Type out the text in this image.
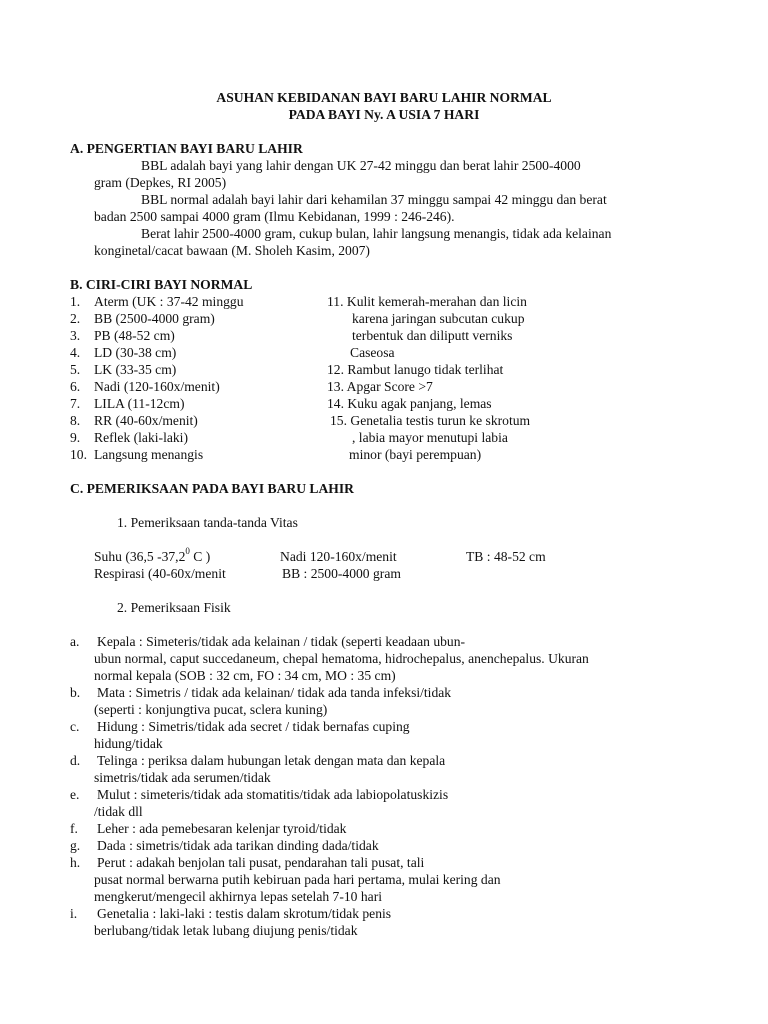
ASUHAN KEBIDANAN BAYI BARU LAHIR NORMAL
PADA BAYI Ny. A USIA 7 HARI
A. PENGERTIAN BAYI BARU LAHIR
BBL adalah bayi yang lahir dengan UK 27-42 minggu dan berat lahir 2500-4000
gram (Depkes, RI 2005)
BBL normal adalah bayi lahir dari kehamilan 37 minggu sampai 42 minggu dan berat
badan 2500 sampai 4000 gram (Ilmu Kebidanan, 1999 : 246-246).
Berat lahir 2500-4000 gram, cukup bulan, lahir langsung menangis, tidak ada kelainan
konginetal/cacat bawaan (M. Sholeh Kasim, 2007)
B. CIRI-CIRI BAYI NORMAL
1. Aterm (UK : 37-42 minggu
2. BB (2500-4000 gram)
3. PB (48-52 cm)
4. LD (30-38 cm)
5. LK (33-35 cm)
6. Nadi (120-160x/menit)
7. LILA (11-12cm)
8. RR (40-60x/menit)
9. Reflek (laki-laki)
10. Langsung menangis
11. Kulit kemerah-merahan dan licin
karena jaringan subcutan cukup
terbentuk dan diliputt verniks
Caseosa
12. Rambut lanugo tidak terlihat
13. Apgar Score >7
14. Kuku agak panjang, lemas
15. Genetalia testis turun ke skrotum
, labia mayor menutupi labia
minor (bayi perempuan)
C. PEMERIKSAAN PADA BAYI BARU LAHIR
1. Pemeriksaan tanda-tanda Vitas
Suhu (36,5 -37,2$^0$ C )	Nadi 120-160x/menit	TB : 48-52 cm
Respirasi (40-60x/menit	BB : 2500-4000 gram
2. Pemeriksaan Fisik
a. Kepala : Simeteris/tidak ada kelainan / tidak (seperti keadaan ubun-
ubun normal, caput succedaneum, chepal hematoma, hidrochepalus, anenchepalus. Ukuran
normal kepala (SOB : 32 cm, FO : 34 cm, MO : 35 cm)
b. Mata : Simetris / tidak ada kelainan/ tidak ada tanda infeksi/tidak
(seperti : konjungtiva pucat, sclera kuning)
c. Hidung : Simetris/tidak ada secret / tidak bernafas cuping
hidung/tidak
d. Telinga : periksa dalam hubungan letak dengan mata dan kepala
simetris/tidak ada serumen/tidak
e. Mulut : simeteris/tidak ada stomatitis/tidak ada labiopolatuskizis
/tidak dll
f. Leher : ada pemebesaran kelenjar tyroid/tidak
g. Dada : simetris/tidak ada tarikan dinding dada/tidak
h. Perut : adakah benjolan tali pusat, pendarahan tali pusat, tali
pusat normal berwarna putih kebiruan pada hari pertama, mulai kering dan
mengkerut/mengecil akhirnya lepas setelah 7-10 hari
i. Genetalia : laki-laki : testis dalam skrotum/tidak penis
berlubang/tidak letak lubang diujung penis/tidak
